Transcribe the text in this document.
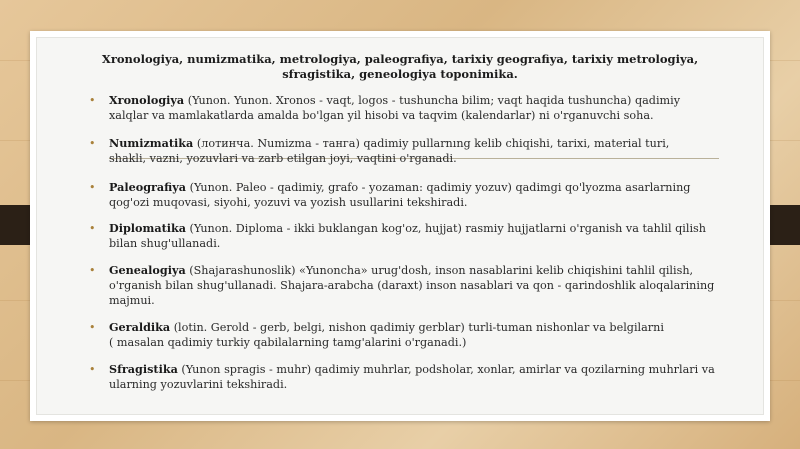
Xronologiya, numizmatika, metrologiya, paleografiya, tarixiy geografiya, tarixiy metrologiya,
sfragistika, geneologiya toponimika.
• Xronologiya (Yunon. Yunon. Xronos - vaqt, logos - tushuncha bilim; vaqt haqida tushuncha) qadimiy
xalqlar va mamlakatlarda amalda bo'lgan yil hisobi va taqvim (kalendarlar) ni o'rganuvchi soha.
• Numizmatika (лотинча. Numizma - танга) qadimiy pullarnıng kelib chiqishi, tarixi, material turi,
shakli, vazni, yozuvlari va zarb etilgan joyi, vaqtini o'rganadi.
• Paleografiya (Yunon. Paleo - qadimiy, grafo - yozaman: qadimiy yozuv) qadimgi qo'lyozma asarlarning
qog'ozi muqovasi, siyohi, yozuvi va yozish usullarini tekshiradi.
• Diplomatika (Yunon. Diploma - ikki buklangan kog'oz, hujjat) rasmiy hujjatlarni o'rganish va tahlil qilish
bilan shug'ullanadi.
• Genealogiya (Shajarashunoslik) «Yunoncha» urug'dosh, inson nasablarini kelib chiqishini tahlil qilish,
o'rganish bilan shug'ullanadi. Shajara-arabcha (daraxt) inson nasablari va qon - qarindoshlik aloqalarining
majmui.
• Geraldika (lotin. Gerold - gerb, belgi, nishon qadimiy gerblar) turli-tuman nishonlar va belgilarni
( masalan qadimiy turkiy qabilalarning tamg'alarini o'rganadi.)
• Sfragistika (Yunon spragis - muhr) qadimiy muhrlar, podsholar, xonlar, amirlar va qozilarning muhrlari va
ularning yozuvlarini tekshiradi.
